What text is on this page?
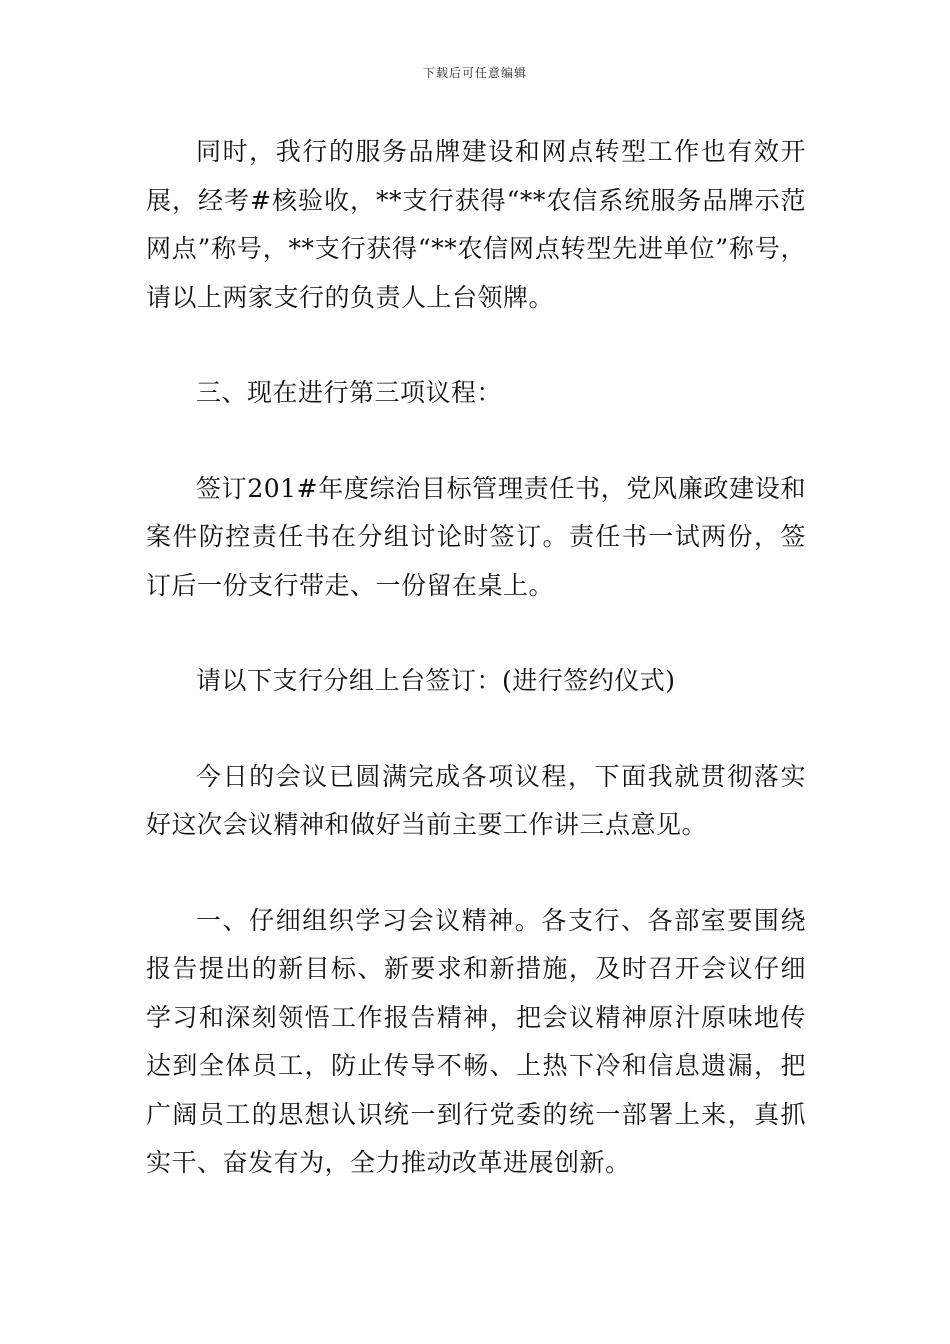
下载后可任意编辑

同时，我行的服务品牌建设和网点转型工作也有效开展，经考#核验收，**支行获得“**农信系统服务品牌示范网点”称号，**支行获得“**农信网点转型先进单位”称号，请以上两家支行的负责人上台领牌。

三、现在进行第三项议程：

签订201#年度综治目标管理责任书，党风廉政建设和案件防控责任书在分组讨论时签订。责任书一试两份，签订后一份支行带走、一份留在桌上。

请以下支行分组上台签订：(进行签约仪式)

今日的会议已圆满完成各项议程，下面我就贯彻落实好这次会议精神和做好当前主要工作讲三点意见。

一、仔细组织学习会议精神。各支行、各部室要围绕报告提出的新目标、新要求和新措施，及时召开会议仔细学习和深刻领悟工作报告精神，把会议精神原汁原味地传达到全体员工，防止传导不畅、上热下冷和信息遗漏，把广阔员工的思想认识统一到行党委的统一部署上来，真抓实干、奋发有为，全力推动改革进展创新。
